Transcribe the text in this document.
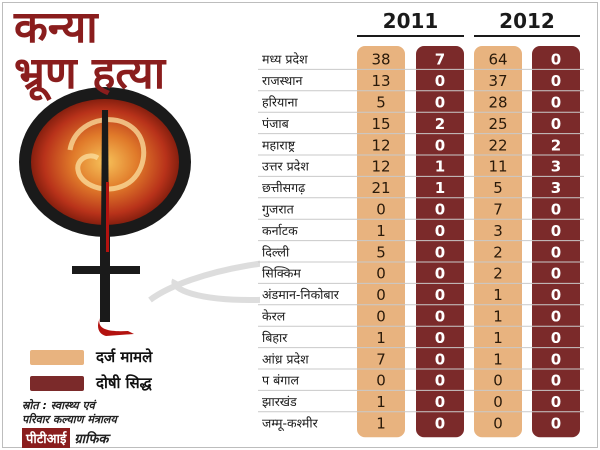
कन्या
भ्रूण हत्या
दर्ज मामले
दोषी सिद्ध
स्रोत : स्वास्थ्य एवं
परिवार कल्याण मंत्रालय
पीटीआई ग्राफिक
2011	2012
मध्य प्रदेश	38	7	64	0
राजस्थान	13	0	37	0
हरियाना	5	0	28	0
पंजाब	15	2	25	0
महाराष्ट्र	12	0	22	2
उत्तर प्रदेश	12	1	11	3
छत्तीसगढ़	21	1	5	3
गुजरात	0	0	7	0
कर्नाटक	1	0	3	0
दिल्ली	5	0	2	0
सिक्किम	0	0	2	0
अंडमान-निकोबार 0	0	1	0
केरल	0	0	1	0
बिहार	1	0	1	0
आंध्र प्रदेश	7	0	1	0
प बंगाल	0	0	0	0
झारखंड	1	0	0	0
जम्मू-कश्मीर	1	0	0	0
